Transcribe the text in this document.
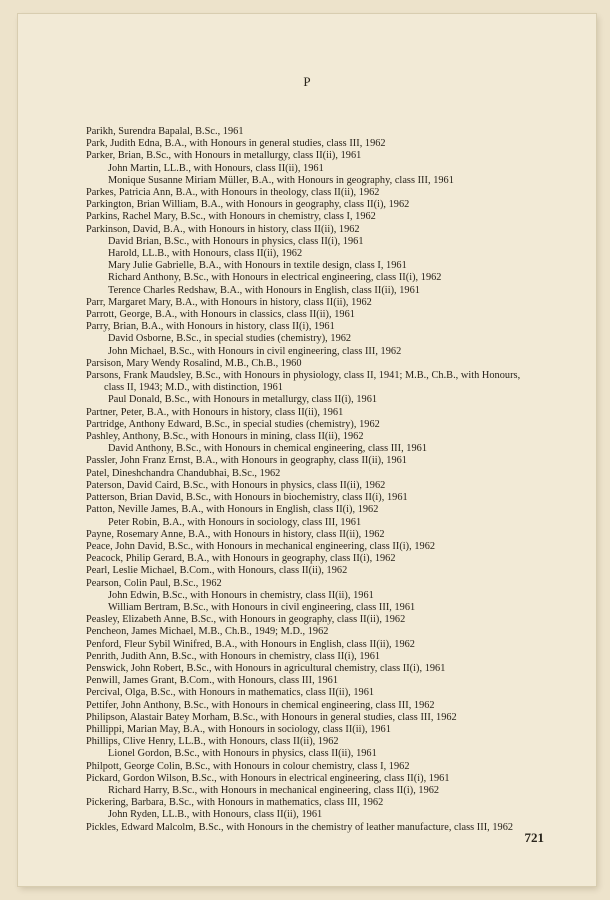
P

Parikh, Surendra Bapalal, B.Sc., 1961

Park, Judith Edna, B.A., with Honours in general studies, class III, 1962

Parker, Brian, B.Sc., with Honours in metallurgy, class II(ii), 1961

John Martin, LL.B., with Honours, class II(ii), 1961

Monique Susanne Miriam Müller, B.A., with Honours in geography, class III, 1961

Parkes, Patricia Ann, B.A., with Honours in theology, class II(ii), 1962

Parkington, Brian William, B.A., with Honours in geography, class II(i), 1962

Parkins, Rachel Mary, B.Sc., with Honours in chemistry, class I, 1962

Parkinson, David, B.A., with Honours in history, class II(ii), 1962

David Brian, B.Sc., with Honours in physics, class II(i), 1961

Harold, LL.B., with Honours, class II(ii), 1962

Mary Julie Gabrielle, B.A., with Honours in textile design, class I, 1961

Richard Anthony, B.Sc., with Honours in electrical engineering, class II(i), 1962

Terence Charles Redshaw, B.A., with Honours in English, class II(ii), 1961

Parr, Margaret Mary, B.A., with Honours in history, class II(ii), 1962

Parrott, George, B.A., with Honours in classics, class II(ii), 1961

Parry, Brian, B.A., with Honours in history, class II(i), 1961

David Osborne, B.Sc., in special studies (chemistry), 1962

John Michael, B.Sc., with Honours in civil engineering, class III, 1962

Parsison, Mary Wendy Rosalind, M.B., Ch.B., 1960

Parsons, Frank Maudsley, B.Sc., with Honours in physiology, class II, 1941; M.B., Ch.B., with Honours, class II, 1943; M.D., with distinction, 1961

Paul Donald, B.Sc., with Honours in metallurgy, class II(i), 1961

Partner, Peter, B.A., with Honours in history, class II(ii), 1961

Partridge, Anthony Edward, B.Sc., in special studies (chemistry), 1962

Pashley, Anthony, B.Sc., with Honours in mining, class II(ii), 1962

David Anthony, B.Sc., with Honours in chemical engineering, class III, 1961

Passler, John Franz Ernst, B.A., with Honours in geography, class II(ii), 1961

Patel, Dineshchandra Chandubhai, B.Sc., 1962

Paterson, David Caird, B.Sc., with Honours in physics, class II(ii), 1962

Patterson, Brian David, B.Sc., with Honours in biochemistry, class II(i), 1961

Patton, Neville James, B.A., with Honours in English, class II(i), 1962

Peter Robin, B.A., with Honours in sociology, class III, 1961

Payne, Rosemary Anne, B.A., with Honours in history, class II(ii), 1962

Peace, John David, B.Sc., with Honours in mechanical engineering, class II(i), 1962

Peacock, Philip Gerard, B.A., with Honours in geography, class II(i), 1962

Pearl, Leslie Michael, B.Com., with Honours, class II(ii), 1962

Pearson, Colin Paul, B.Sc., 1962

John Edwin, B.Sc., with Honours in chemistry, class II(ii), 1961

William Bertram, B.Sc., with Honours in civil engineering, class III, 1961

Peasley, Elizabeth Anne, B.Sc., with Honours in geography, class II(ii), 1962

Pencheon, James Michael, M.B., Ch.B., 1949; M.D., 1962

Penford, Fleur Sybil Winifred, B.A., with Honours in English, class II(ii), 1962

Penrith, Judith Ann, B.Sc., with Honours in chemistry, class II(i), 1961

Penswick, John Robert, B.Sc., with Honours in agricultural chemistry, class II(i), 1961

Penwill, James Grant, B.Com., with Honours, class III, 1961

Percival, Olga, B.Sc., with Honours in mathematics, class II(ii), 1961

Pettifer, John Anthony, B.Sc., with Honours in chemical engineering, class III, 1962

Philipson, Alastair Batey Morham, B.Sc., with Honours in general studies, class III, 1962

Phillippi, Marian May, B.A., with Honours in sociology, class II(ii), 1961

Phillips, Clive Henry, LL.B., with Honours, class II(ii), 1962

Lionel Gordon, B.Sc., with Honours in physics, class II(ii), 1961

Philpott, George Colin, B.Sc., with Honours in colour chemistry, class I, 1962

Pickard, Gordon Wilson, B.Sc., with Honours in electrical engineering, class II(i), 1961

Richard Harry, B.Sc., with Honours in mechanical engineering, class II(i), 1962

Pickering, Barbara, B.Sc., with Honours in mathematics, class III, 1962

John Ryden, LL.B., with Honours, class II(ii), 1961

Pickles, Edward Malcolm, B.Sc., with Honours in the chemistry of leather manufacture, class III, 1962

721
